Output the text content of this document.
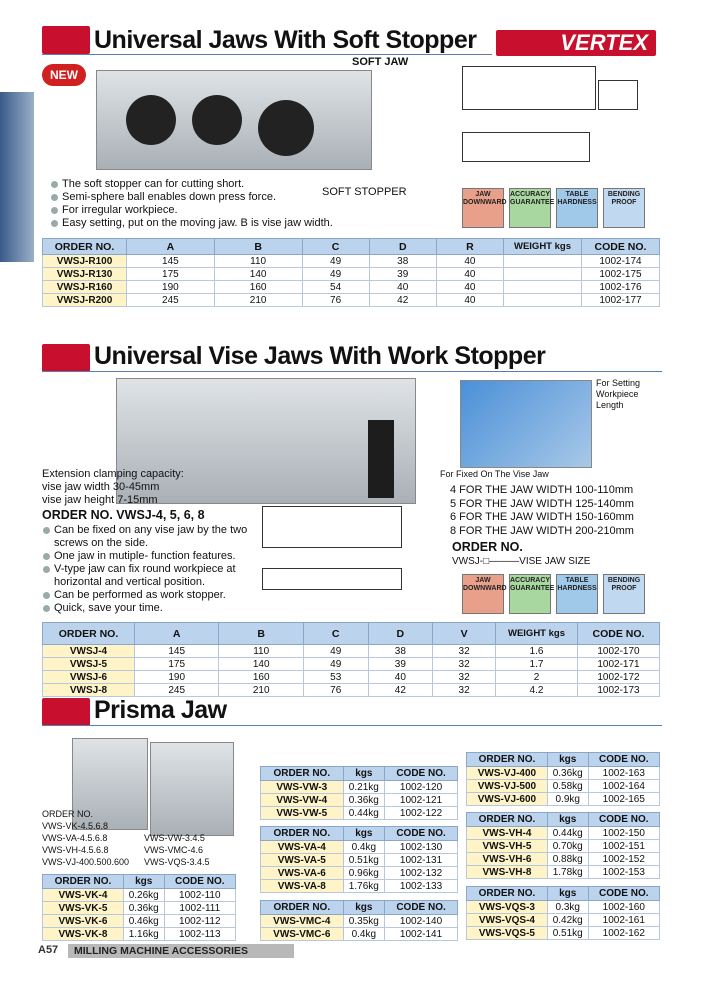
Universal Jaws With Soft Stopper	VERTEX
NEW
SOFT JAW
SOFT STOPPER
The soft stopper can for cutting short.
Semi-sphere ball enables down press force.
For irregular workpiece.
Easy setting, put on the moving jaw. B is vise jaw width.
JAW DOWNWARD
ACCURACY GUARANTEE
TABLE HARDNESS
BENDING PROOF
ORDER NO.	A	B	C	D	R	WEIGHT kgs	CODE NO.
VWSJ-R100	145	110	49	38	40		1002-174
VWSJ-R130	175	140	49	39	40		1002-175
VWSJ-R160	190	160	54	40	40		1002-176
VWSJ-R200	245	210	76	42	40		1002-177
Universal Vise Jaws With Work Stopper
For Setting Workpiece Length
For Fixed On The Vise Jaw
Extension clamping capacity:
vise jaw width 30-45mm
vise jaw height 7-15mm
ORDER NO. VWSJ-4, 5, 6, 8
Can be fixed on any vise jaw by the two screws on the side.
One jaw in mutiple- function features.
V-type jaw can fix round workpiece at horizontal and vertical position.
Can be performed as work stopper.
Quick, save your time.
4 FOR THE JAW WIDTH 100-110mm
5 FOR THE JAW WIDTH 125-140mm
6 FOR THE JAW WIDTH 150-160mm
8 FOR THE JAW WIDTH 200-210mm
ORDER NO.
VWSJ-□———VISE JAW SIZE
JAW DOWNWARD
ACCURACY GUARANTEE
TABLE HARDNESS
BENDING PROOF
ORDER NO.	A	B	C	D	V	WEIGHT kgs	CODE NO.
VWSJ-4	145	110	49	38	32	1.6	1002-170
VWSJ-5	175	140	49	39	32	1.7	1002-171
VWSJ-6	190	160	53	40	32	2	1002-172
VWSJ-8	245	210	76	42	32	4.2	1002-173
Prisma Jaw
ORDER NO.
VWS-VK-4.5.6.8
VWS-VA-4.5.6.8
VWS-VH-4.5.6.8
VWS-VJ-400.500.600
VWS-VW-3.4.5
VWS-VMC-4.6
VWS-VQS-3.4.5
ORDER NO.	kgs	CODE NO.
VWS-VK-4	0.26kg	1002-110
VWS-VK-5	0.36kg	1002-111
VWS-VK-6	0.46kg	1002-112
VWS-VK-8	1.16kg	1002-113
ORDER NO.	kgs	CODE NO.
VWS-VW-3	0.21kg	1002-120
VWS-VW-4	0.36kg	1002-121
VWS-VW-5	0.44kg	1002-122
ORDER NO.	kgs	CODE NO.
VWS-VA-4	0.4kg	1002-130
VWS-VA-5	0.51kg	1002-131
VWS-VA-6	0.96kg	1002-132
VWS-VA-8	1.76kg	1002-133
ORDER NO.	kgs	CODE NO.
VWS-VMC-4	0.35kg	1002-140
VWS-VMC-6	0.4kg	1002-141
ORDER NO.	kgs	CODE NO.
VWS-VJ-400	0.36kg	1002-163
VWS-VJ-500	0.58kg	1002-164
VWS-VJ-600	0.9kg	1002-165
ORDER NO.	kgs	CODE NO.
VWS-VH-4	0.44kg	1002-150
VWS-VH-5	0.70kg	1002-151
VWS-VH-6	0.88kg	1002-152
VWS-VH-8	1.78kg	1002-153
ORDER NO.	kgs	CODE NO.
VWS-VQS-3	0.3kg	1002-160
VWS-VQS-4	0.42kg	1002-161
VWS-VQS-5	0.51kg	1002-162
A57 MILLING MACHINE ACCESSORIES
